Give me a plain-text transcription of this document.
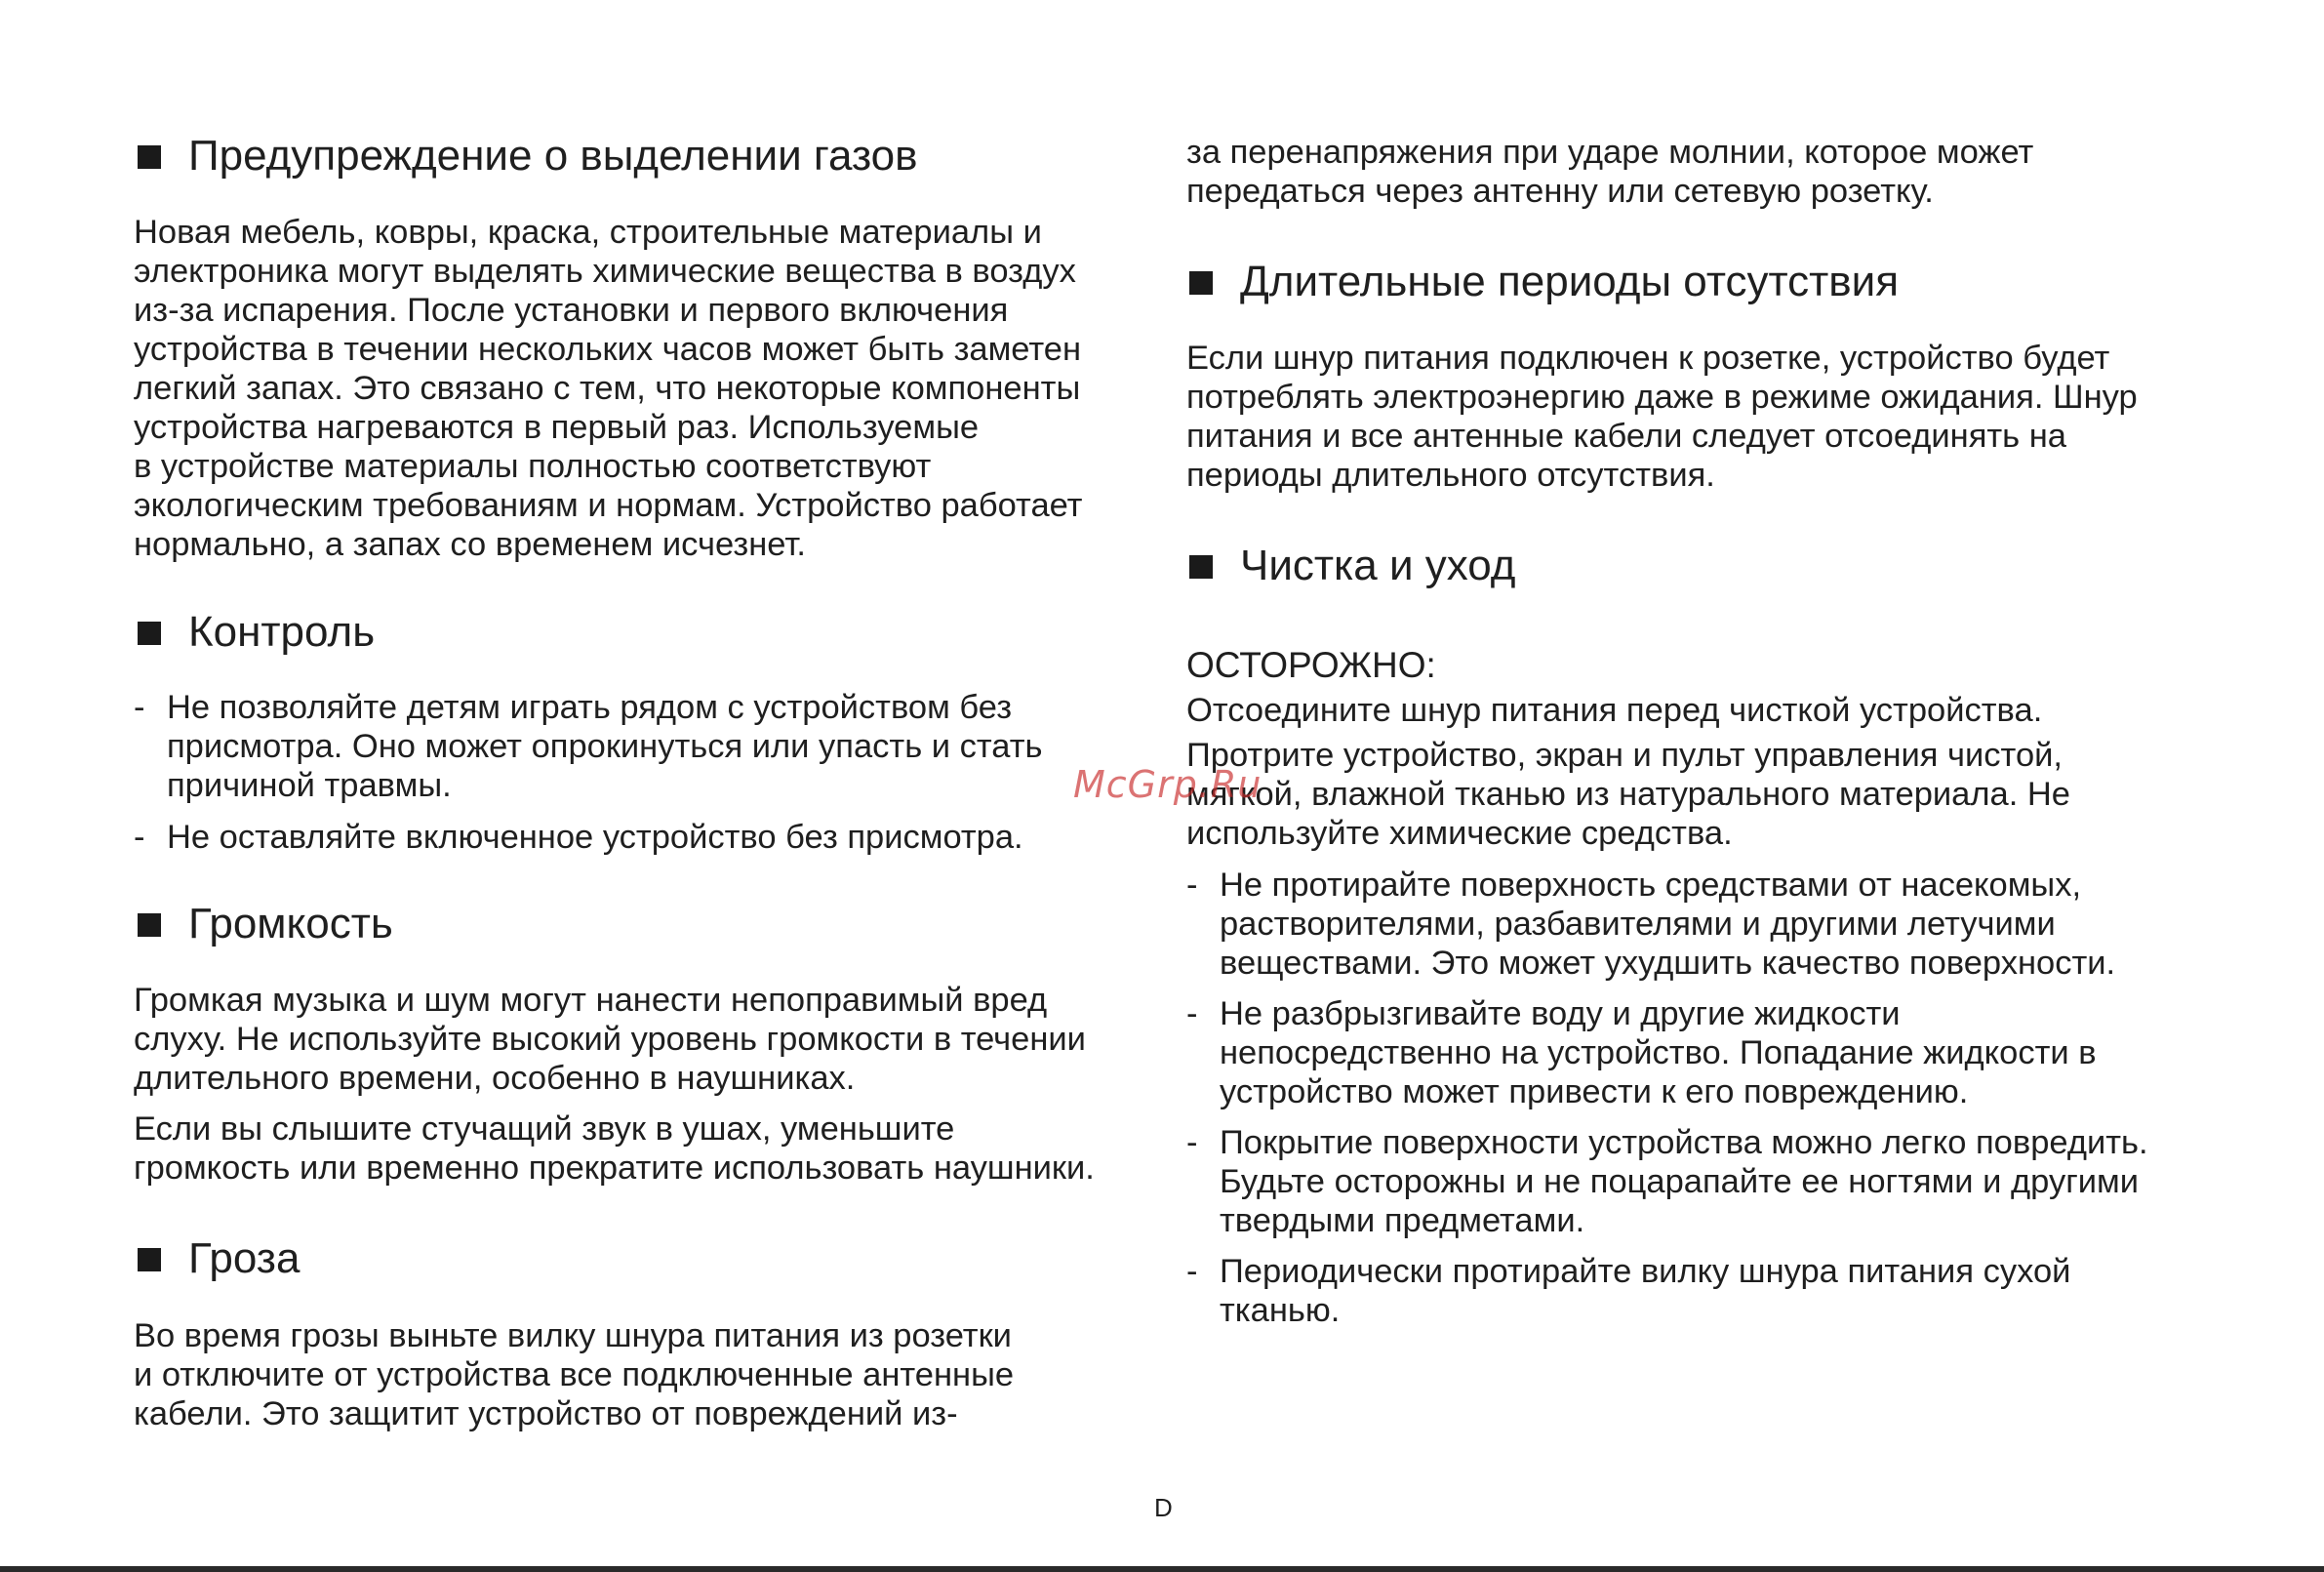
Предупреждение о выделении газов

Новая мебель, ковры, краска, строительные материалы и
электроника могут выделять химические вещества в воздух
из-за испарения. После установки и первого включения
устройства в течении нескольких часов может быть заметен
легкий запах. Это связано с тем, что некоторые компоненты
устройства нагреваются в первый раз. Используемые
в устройстве материалы полностью соответствуют
экологическим требованиям и нормам. Устройство работает
нормально, а запах со временем исчезнет.

Контроль
- Не позволяйте детям играть рядом с устройством без
присмотра. Оно может опрокинуться или упасть и стать
причиной травмы.
- Не оставляйте включенное устройство без присмотра.
Громкость

Громкая музыка и шум могут нанести непоправимый вред
слуху. Не используйте высокий уровень громкости в течении
длительного времени, особенно в наушниках.

Если вы слышите стучащий звук в ушах, уменьшите
громкость или временно прекратите использовать наушники.

Гроза

Во время грозы выньте вилку шнура питания из розетки
и отключите от устройства все подключенные антенные
кабели. Это защитит устройство от повреждений из-

за перенапряжения при ударе молнии, которое может
передаться через антенну или сетевую розетку.

Длительные периоды отсутствия

Если шнур питания подключен к розетке, устройство будет
потреблять электроэнергию даже в режиме ожидания. Шнур
питания и все антенные кабели следует отсоединять на
периоды длительного отсутствия.

Чистка и уход
ОСТОРОЖНО:

Отсоедините шнур питания перед чисткой устройства.

Протрите устройство, экран и пульт управления чистой,
мягкой, влажной тканью из натурального материала. Не
используйте химические средства.

- Не протирайте поверхность средствами от насекомых,
растворителями, разбавителями и другими летучими
веществами. Это может ухудшить качество поверхности.
- Не разбрызгивайте воду и другие жидкости
непосредственно на устройство. Попадание жидкости в
устройство может привести к его повреждению.
- Покрытие поверхности устройства можно легко повредить.
Будьте осторожны и не поцарапайте ее ногтями и другими
твердыми предметами.
- Периодически протирайте вилку шнура питания сухой
тканью.
McGrp.Ru
D
